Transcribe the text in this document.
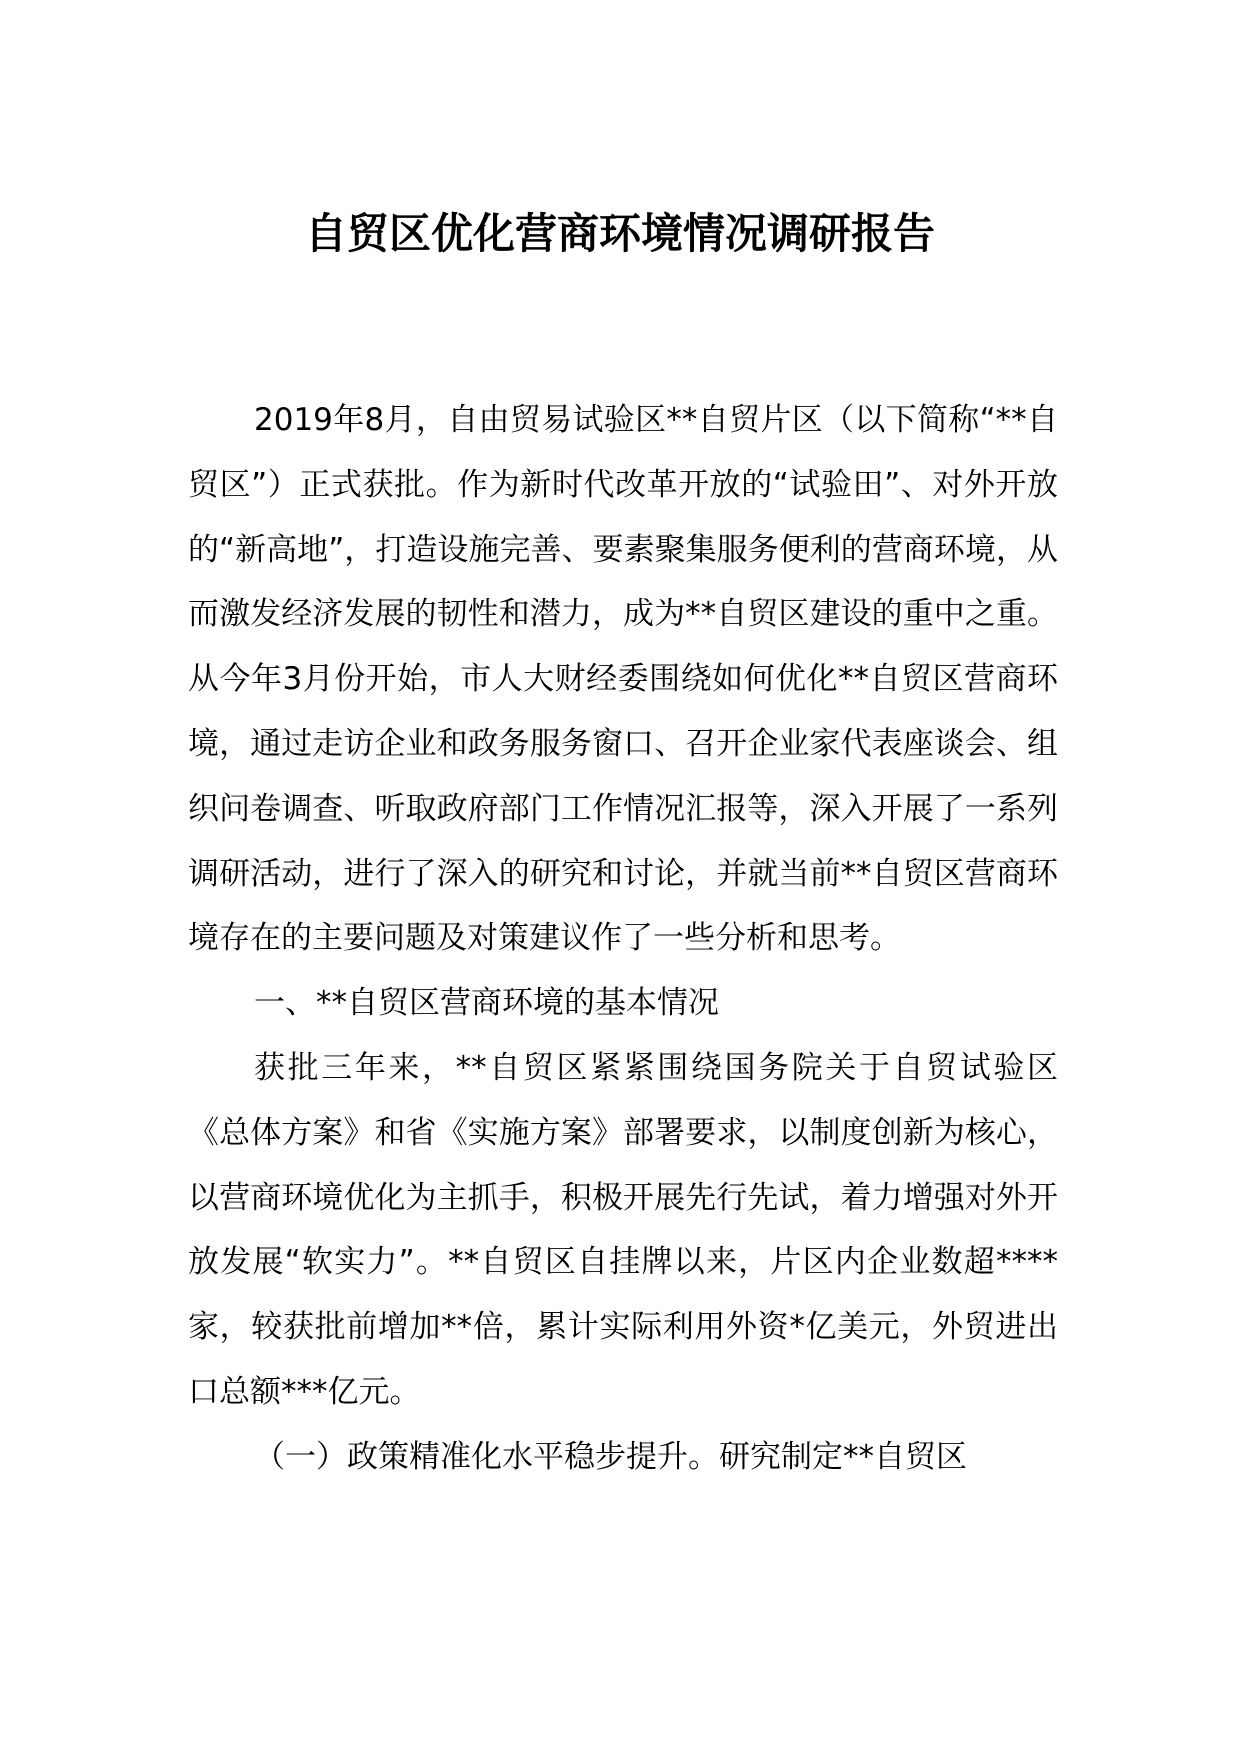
自贸区优化营商环境情况调研报告

2019年8月，自由贸易试验区**自贸片区（以下简称“**自贸区”）正式获批。作为新时代改革开放的“试验田”、对外开放的“新高地”，打造设施完善、要素聚集服务便利的营商环境，从而激发经济发展的韧性和潜力，成为**自贸区建设的重中之重。从今年3月份开始，市人大财经委围绕如何优化**自贸区营商环境，通过走访企业和政务服务窗口、召开企业家代表座谈会、组织问卷调查、听取政府部门工作情况汇报等，深入开展了一系列调研活动，进行了深入的研究和讨论，并就当前**自贸区营商环境存在的主要问题及对策建议作了一些分析和思考。

一、**自贸区营商环境的基本情况

获批三年来，**自贸区紧紧围绕国务院关于自贸试验区《总体方案》和省《实施方案》部署要求，以制度创新为核心，以营商环境优化为主抓手，积极开展先行先试，着力增强对外开放发展“软实力”。**自贸区自挂牌以来，片区内企业数超****家，较获批前增加**倍，累计实际利用外资*亿美元，外贸进出口总额***亿元。

（一）政策精准化水平稳步提升。研究制定**自贸区
